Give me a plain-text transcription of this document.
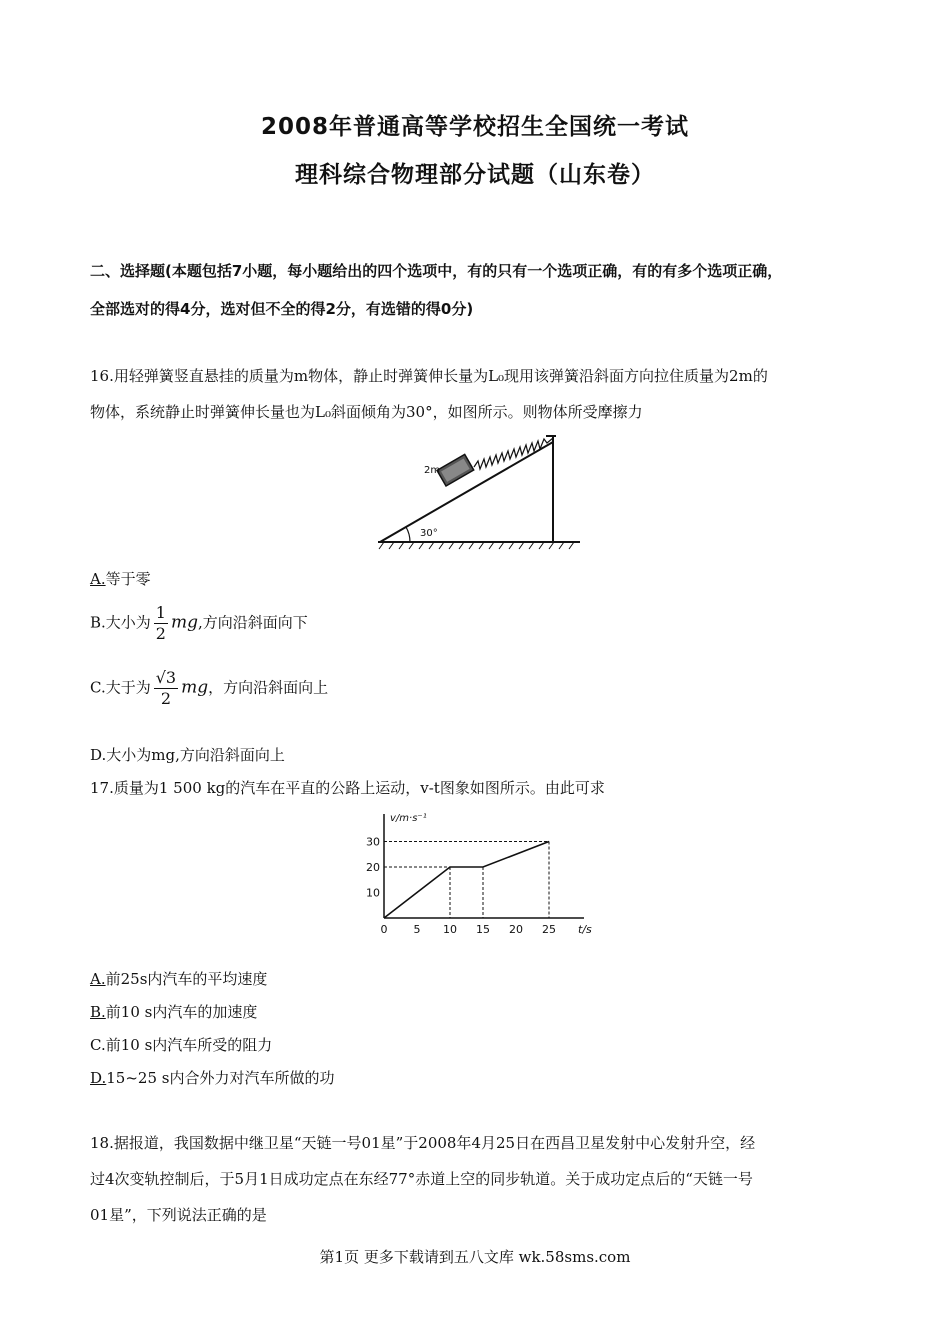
2008年普通高等学校招生全国统一考试
理科综合物理部分试题（山东卷）
二、选择题(本题包括7小题，每小题给出的四个选项中，有的只有一个选项正确，有的有多个选项正确，
全部选对的得4分，选对但不全的得2分，有选错的得0分)
16.用轻弹簧竖直悬挂的质量为m物体，静止时弹簧伸长量为L₀现用该弹簧沿斜面方向拉住质量为2m的
物体，系统静止时弹簧伸长量也为L₀斜面倾角为30°，如图所示。则物体所受摩擦力
30°
2m
A.等于零
B.大小为 $\frac{1}{2}$ mg,方向沿斜面向下
C.大于为 $\frac{√3}{2}$ mg，方向沿斜面向上
D.大小为mg,方向沿斜面向上
17.质量为1 500 kg的汽车在平直的公路上运动，v-t图象如图所示。由此可求
0 5 10 15 20 25
10
20
30
v/m·s⁻¹
t/s
A.前25s内汽车的平均速度
B.前10 s内汽车的加速度
C.前10 s内汽车所受的阻力
D.15~25 s内合外力对汽车所做的功
18.据报道，我国数据中继卫星“天链一号01星”于2008年4月25日在西昌卫星发射中心发射升空，经
过4次变轨控制后，于5月1日成功定点在东经77°赤道上空的同步轨道。关于成功定点后的“天链一号
01星”，下列说法正确的是
第1页 更多下载请到五八文库 wk.58sms.com
